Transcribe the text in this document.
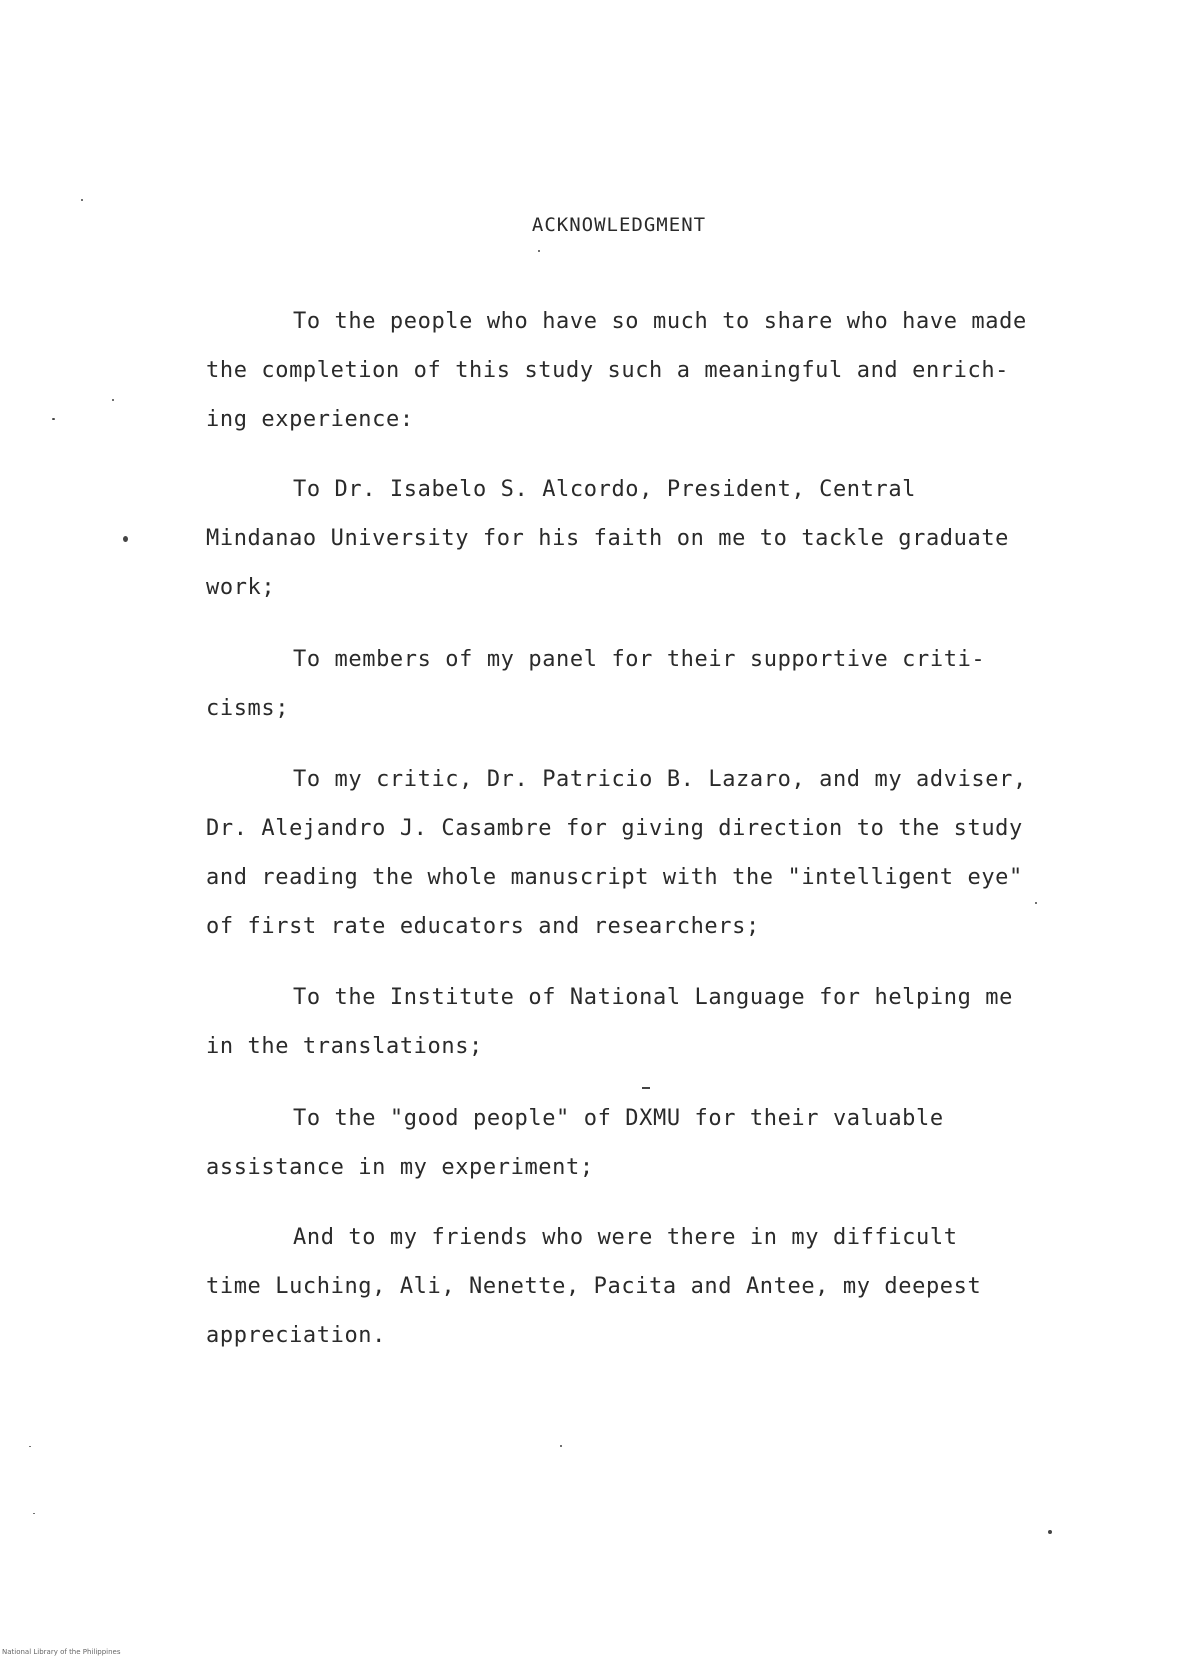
ACKNOWLEDGMENT
To the people who have so much to share who have made
the completion of this study such a meaningful and enrich-
ing experience:
To Dr. Isabelo S. Alcordo, President, Central
Mindanao University for his faith on me to tackle graduate
work;
To members of my panel for their supportive criti-
cisms;
To my critic, Dr. Patricio B. Lazaro, and my adviser,
Dr. Alejandro J. Casambre for giving direction to the study
and reading the whole manuscript with the "intelligent eye"
of first rate educators and researchers;
To the Institute of National Language for helping me
in the translations;
To the "good people" of DXMU for their valuable
assistance in my experiment;
And to my friends who were there in my difficult
time Luching, Ali, Nenette, Pacita and Antee, my deepest
appreciation.
National Library of the Philippines
